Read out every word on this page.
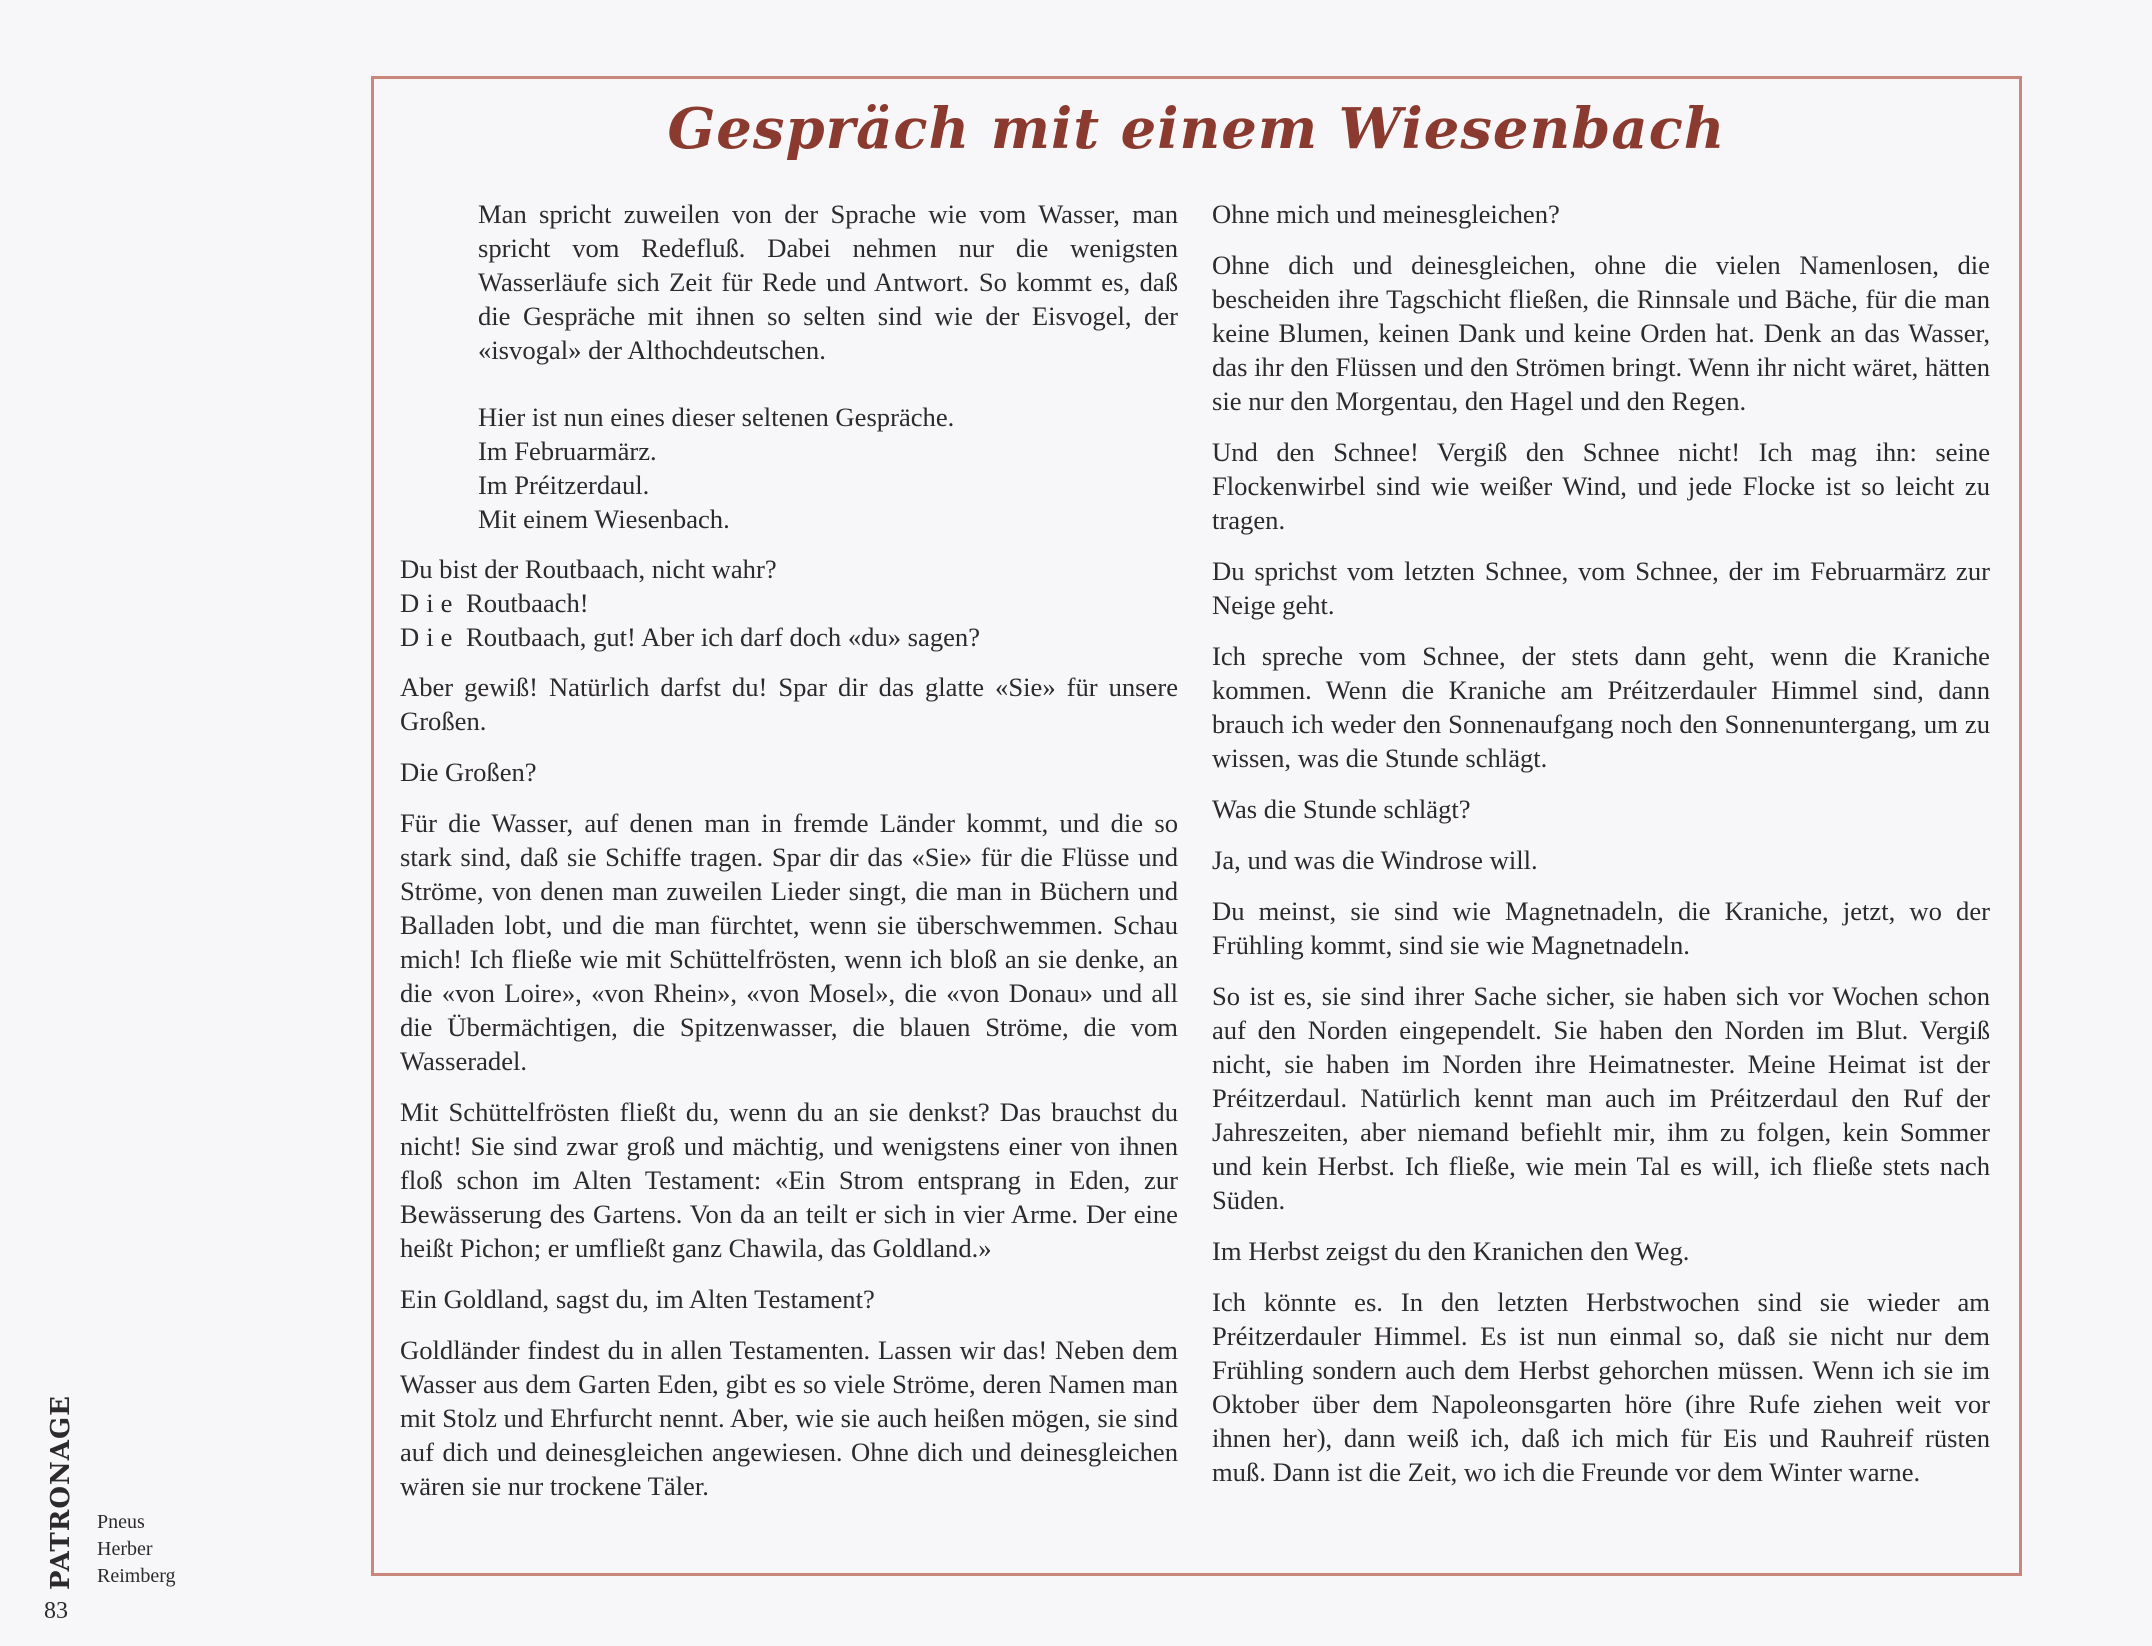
Gespräch mit einem Wiesenbach

Man spricht zuweilen von der Sprache wie vom Wasser, man spricht vom Redefluß. Dabei nehmen nur die wenigsten Wasserläufe sich Zeit für Rede und Antwort. So kommt es, daß die Gespräche mit ihnen so selten sind wie der Eisvogel, der «isvogal» der Althochdeutschen.

Hier ist nun eines dieser seltenen Gespräche.
Im Februarmärz.
Im Préitzerdaul.
Mit einem Wiesenbach.
Du bist der Routbaach, nicht wahr?
Die Routbaach!
Die Routbaach, gut! Aber ich darf doch «du» sagen?

Aber gewiß! Natürlich darfst du! Spar dir das glatte «Sie» für unsere Großen.

Die Großen?

Für die Wasser, auf denen man in fremde Länder kommt, und die so stark sind, daß sie Schiffe tragen. Spar dir das «Sie» für die Flüsse und Ströme, von denen man zuweilen Lieder singt, die man in Büchern und Balladen lobt, und die man fürchtet, wenn sie überschwemmen. Schau mich! Ich fließe wie mit Schüttelfrösten, wenn ich bloß an sie denke, an die «von Loire», «von Rhein», «von Mosel», die «von Donau» und all die Übermächtigen, die Spitzenwasser, die blauen Ströme, die vom Wasseradel.

Mit Schüttelfrösten fließt du, wenn du an sie denkst? Das brauchst du nicht! Sie sind zwar groß und mächtig, und wenigstens einer von ihnen floß schon im Alten Testament: «Ein Strom entsprang in Eden, zur Bewässerung des Gartens. Von da an teilt er sich in vier Arme. Der eine heißt Pichon; er umfließt ganz Chawila, das Goldland.»

Ein Goldland, sagst du, im Alten Testament?

Goldländer findest du in allen Testamenten. Lassen wir das! Neben dem Wasser aus dem Garten Eden, gibt es so viele Ströme, deren Namen man mit Stolz und Ehrfurcht nennt. Aber, wie sie auch heißen mögen, sie sind auf dich und deinesgleichen angewiesen. Ohne dich und deinesgleichen wären sie nur trockene Täler.

Ohne mich und meinesgleichen?

Ohne dich und deinesgleichen, ohne die vielen Namenlosen, die bescheiden ihre Tagschicht fließen, die Rinnsale und Bäche, für die man keine Blumen, keinen Dank und keine Orden hat. Denk an das Wasser, das ihr den Flüssen und den Strömen bringt. Wenn ihr nicht wäret, hätten sie nur den Morgentau, den Hagel und den Regen.

Und den Schnee! Vergiß den Schnee nicht! Ich mag ihn: seine Flockenwirbel sind wie weißer Wind, und jede Flocke ist so leicht zu tragen.

Du sprichst vom letzten Schnee, vom Schnee, der im Februarmärz zur Neige geht.

Ich spreche vom Schnee, der stets dann geht, wenn die Kraniche kommen. Wenn die Kraniche am Préitzerdauler Himmel sind, dann brauch ich weder den Sonnenaufgang noch den Sonnenuntergang, um zu wissen, was die Stunde schlägt.

Was die Stunde schlägt?

Ja, und was die Windrose will.

Du meinst, sie sind wie Magnetnadeln, die Kraniche, jetzt, wo der Frühling kommt, sind sie wie Magnetnadeln.

So ist es, sie sind ihrer Sache sicher, sie haben sich vor Wochen schon auf den Norden eingependelt. Sie haben den Norden im Blut. Vergiß nicht, sie haben im Norden ihre Heimatnester. Meine Heimat ist der Préitzerdaul. Natürlich kennt man auch im Préitzerdaul den Ruf der Jahreszeiten, aber niemand befiehlt mir, ihm zu folgen, kein Sommer und kein Herbst. Ich fließe, wie mein Tal es will, ich fließe stets nach Süden.

Im Herbst zeigst du den Kranichen den Weg.

Ich könnte es. In den letzten Herbstwochen sind sie wieder am Préitzerdauler Himmel. Es ist nun einmal so, daß sie nicht nur dem Frühling sondern auch dem Herbst gehorchen müssen. Wenn ich sie im Oktober über dem Napoleonsgarten höre (ihre Rufe ziehen weit vor ihnen her), dann weiß ich, daß ich mich für Eis und Rauhreif rüsten muß. Dann ist die Zeit, wo ich die Freunde vor dem Winter warne.

PATRONAGE	Pneus
Herber
Reimberg
83
